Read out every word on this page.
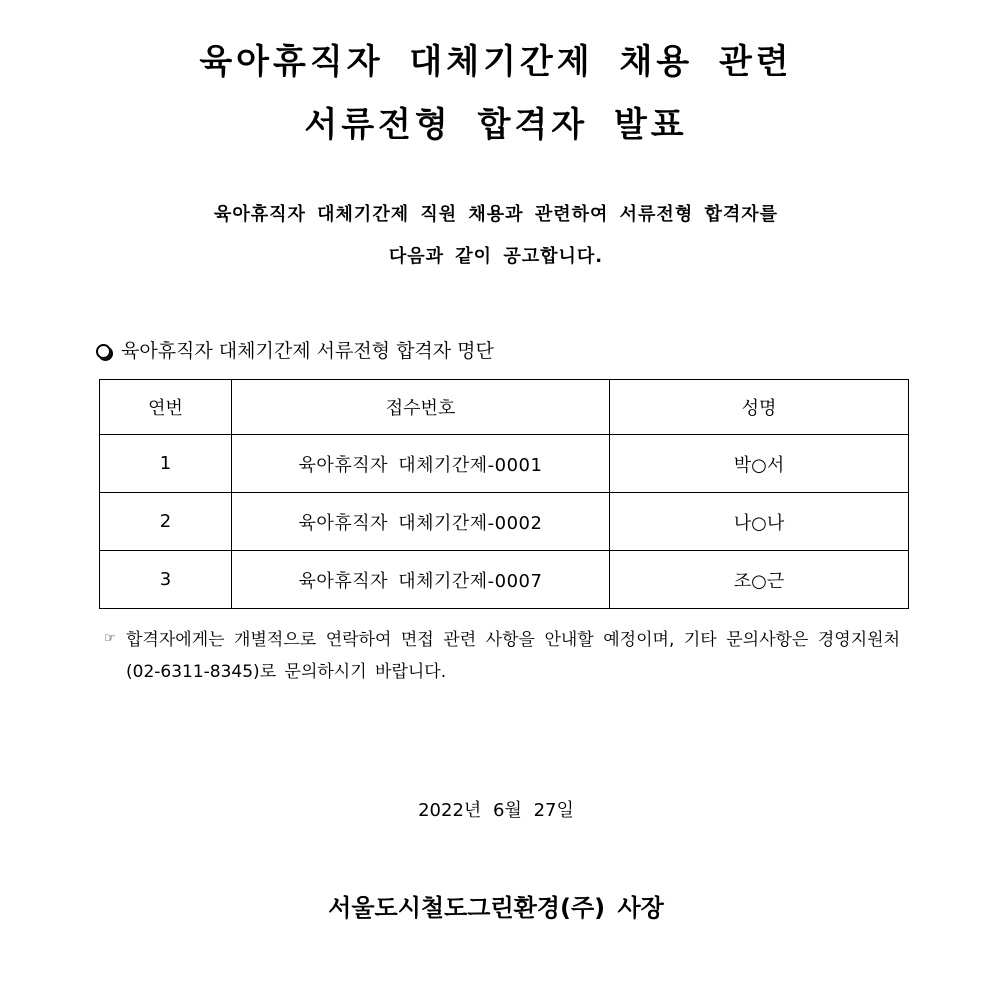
육아휴직자 대체기간제 채용 관련
서류전형 합격자 발표
육아휴직자 대체기간제 직원 채용과 관련하여 서류전형 합격자를
다음과 같이 공고합니다.
육아휴직자 대체기간제 서류전형 합격자 명단
연번	접수번호	성명
1	육아휴직자 대체기간제-0001	박○서
2	육아휴직자 대체기간제-0002	나○나
3	육아휴직자 대체기간제-0007	조○근
☞ 합격자에게는 개별적으로 연락하여 면접 관련 사항을 안내할 예정이며, 기타 문의사항은 경영지원처(02-6311-8345)로 문의하시기 바랍니다.
2022년 6월 27일
서울도시철도그린환경(주) 사장
